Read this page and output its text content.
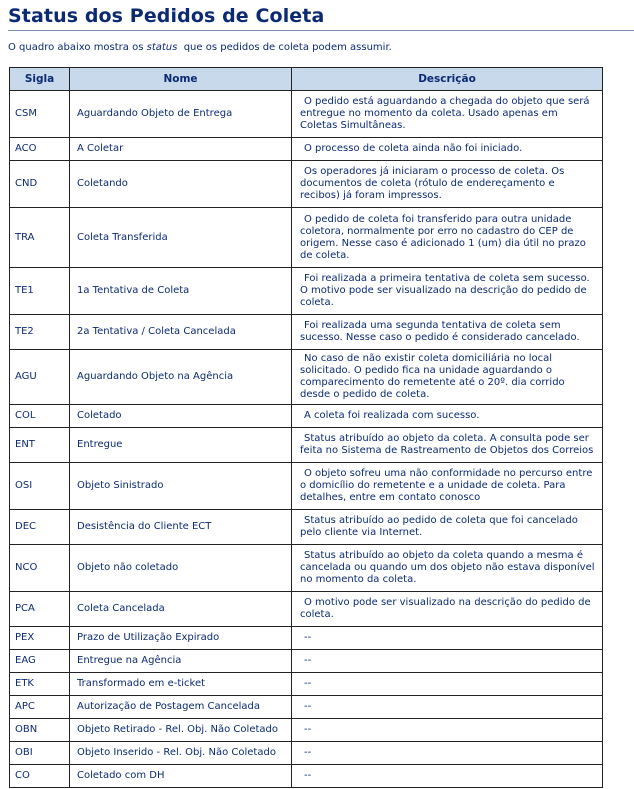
Status dos Pedidos de Coleta
O quadro abaixo mostra os status  que os pedidos de coleta podem assumir.
Sigla	Nome	Descrição
CSM	Aguardando Objeto de Entrega	O pedido está aguardando a chegada do objeto que será entregue no momento da coleta. Usado apenas em Coletas Simultâneas.
ACO	A Coletar	O processo de coleta ainda não foi iniciado.
CND	Coletando	Os operadores já iniciaram o processo de coleta. Os documentos de coleta (rótulo de endereçamento e recibos) já foram impressos.
TRA	Coleta Transferida	O pedido de coleta foi transferido para outra unidade coletora, normalmente por erro no cadastro do CEP de origem. Nesse caso é adicionado 1 (um) dia útil no prazo de coleta.
TE1	1a Tentativa de Coleta	Foi realizada a primeira tentativa de coleta sem sucesso. O motivo pode ser visualizado na descrição do pedido de coleta.
TE2	2a Tentativa / Coleta Cancelada	Foi realizada uma segunda tentativa de coleta sem sucesso. Nesse caso o pedido é considerado cancelado.
AGU	Aguardando Objeto na Agência	No caso de não existir coleta domiciliária no local solicitado. O pedido fica na unidade aguardando o comparecimento do remetente até o 20º. dia corrido desde o pedido de coleta.
COL	Coletado	A coleta foi realizada com sucesso.
ENT	Entregue	Status atribuído ao objeto da coleta. A consulta pode ser feita no Sistema de Rastreamento de Objetos dos Correios
OSI	Objeto Sinistrado	O objeto sofreu uma não conformidade no percurso entre o domicílio do remetente e a unidade de coleta. Para detalhes, entre em contato conosco
DEC	Desistência do Cliente ECT	Status atribuído ao pedido de coleta que foi cancelado pelo cliente via Internet.
NCO	Objeto não coletado	Status atribuído ao objeto da coleta quando a mesma é cancelada ou quando um dos objeto não estava disponível no momento da coleta.
PCA	Coleta Cancelada	O motivo pode ser visualizado na descrição do pedido de coleta.
PEX	Prazo de Utilização Expirado	--
EAG	Entregue na Agência	--
ETK	Transformado em e-ticket	--
APC	Autorização de Postagem Cancelada	--
OBN	Objeto Retirado - Rel. Obj. Não Coletado	--
OBI	Objeto Inserido - Rel. Obj. Não Coletado	--
CO	Coletado com DH	--
